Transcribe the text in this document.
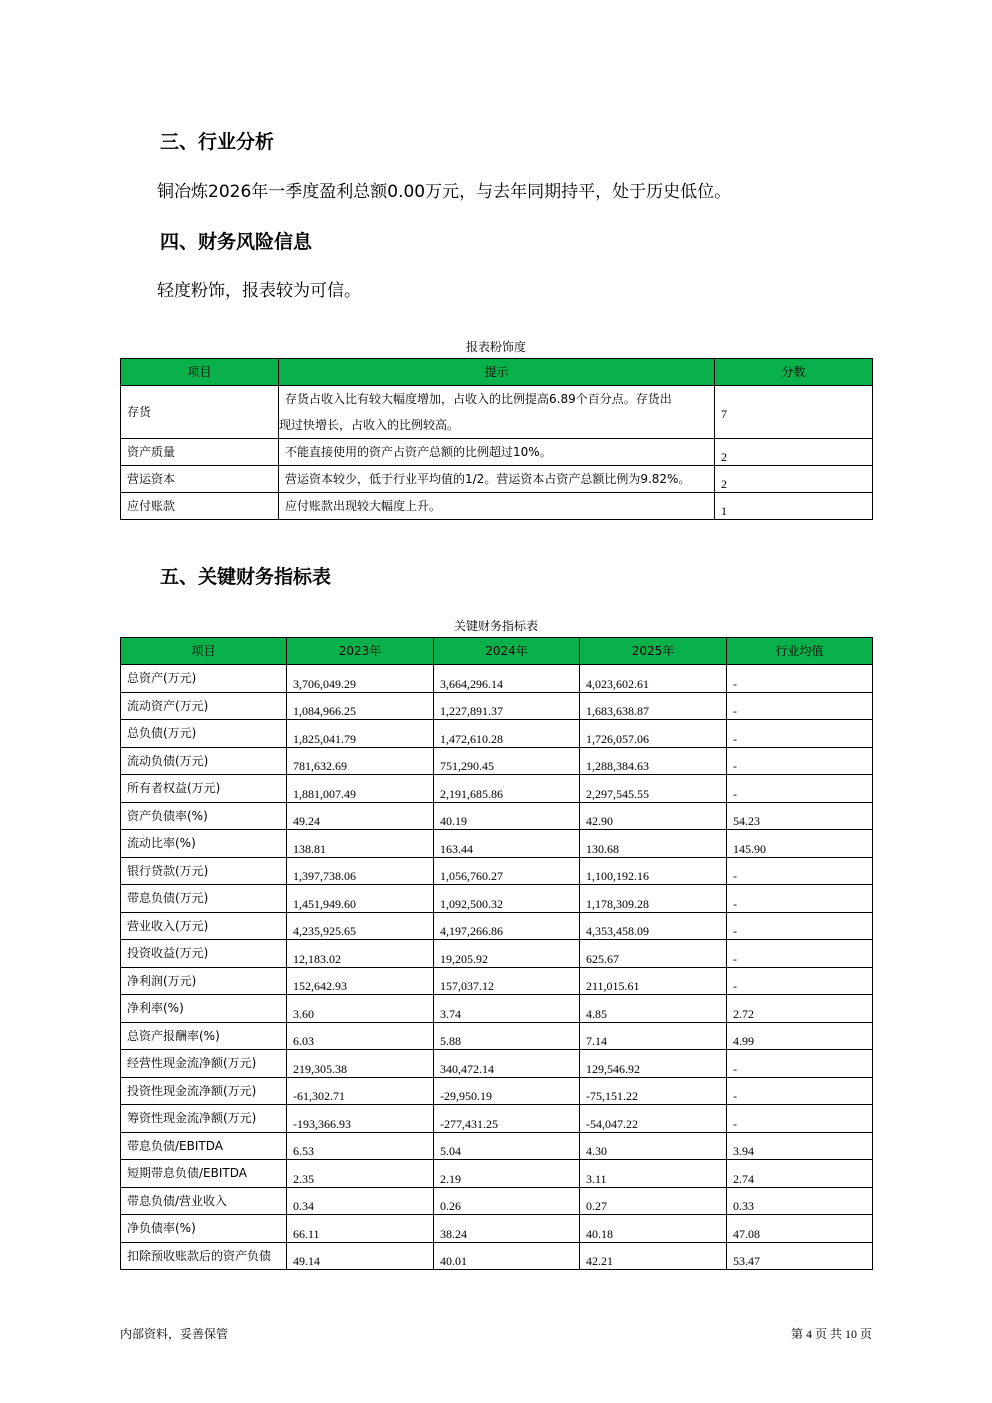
三、行业分析

铜冶炼2026年一季度盈利总额0.00万元，与去年同期持平，处于历史低位。

四、财务风险信息

轻度粉饰，报表较为可信。

报表粉饰度

项目	提示	分数
存货	存货占收入比有较大幅度增加，占收入的比例提高6.89个百分点。存货出
现过快增长，占收入的比例较高。	7
资产质量	不能直接使用的资产占资产总额的比例超过10%。	2
营运资本	营运资本较少，低于行业平均值的1/2。营运资本占资产总额比例为9.82%。	2
应付账款	应付账款出现较大幅度上升。	1
五、关键财务指标表

关键财务指标表

项目	2023年	2024年	2025年	行业均值
总资产(万元)	3,706,049.29	3,664,296.14	4,023,602.61	-
流动资产(万元)	1,084,966.25	1,227,891.37	1,683,638.87	-
总负债(万元)	1,825,041.79	1,472,610.28	1,726,057.06	-
流动负债(万元)	781,632.69	751,290.45	1,288,384.63	-
所有者权益(万元)	1,881,007.49	2,191,685.86	2,297,545.55	-
资产负债率(%)	49.24	40.19	42.90	54.23
流动比率(%)	138.81	163.44	130.68	145.90
银行贷款(万元)	1,397,738.06	1,056,760.27	1,100,192.16	-
带息负债(万元)	1,451,949.60	1,092,500.32	1,178,309.28	-
营业收入(万元)	4,235,925.65	4,197,266.86	4,353,458.09	-
投资收益(万元)	12,183.02	19,205.92	625.67	-
净利润(万元)	152,642.93	157,037.12	211,015.61	-
净利率(%)	3.60	3.74	4.85	2.72
总资产报酬率(%)	6.03	5.88	7.14	4.99
经营性现金流净额(万元)	219,305.38	340,472.14	129,546.92	-
投资性现金流净额(万元)	-61,302.71	-29,950.19	-75,151.22	-
筹资性现金流净额(万元)	-193,366.93	-277,431.25	-54,047.22	-
带息负债/EBITDA	6.53	5.04	4.30	3.94
短期带息负债/EBITDA	2.35	2.19	3.11	2.74
带息负债/营业收入	0.34	0.26	0.27	0.33
净负债率(%)	66.11	38.24	40.18	47.08
扣除预收账款后的资产负债	49.14	40.01	42.21	53.47
内部资料，妥善保管	第 4 页 共 10 页
